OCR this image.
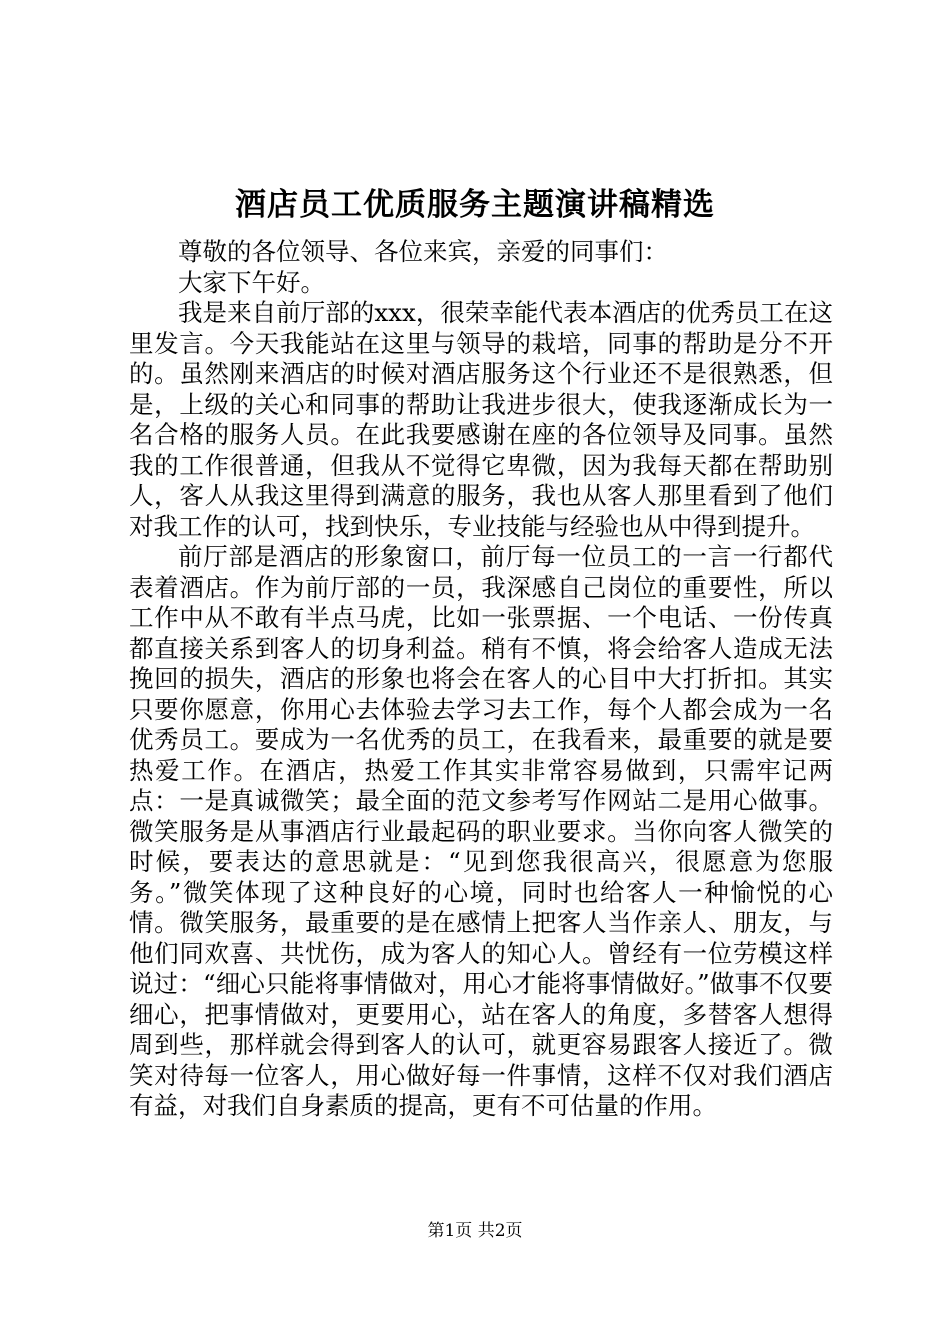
酒店员工优质服务主题演讲稿精选

尊敬的各位领导、各位来宾，亲爱的同事们：

大家下午好。

我是来自前厅部的xxx，很荣幸能代表本酒店的优秀员工在这里发言。今天我能站在这里与领导的栽培，同事的帮助是分不开的。虽然刚来酒店的时候对酒店服务这个行业还不是很熟悉，但是，上级的关心和同事的帮助让我进步很大，使我逐渐成长为一名合格的服务人员。在此我要感谢在座的各位领导及同事。虽然我的工作很普通，但我从不觉得它卑微，因为我每天都在帮助别人，客人从我这里得到满意的服务，我也从客人那里看到了他们对我工作的认可，找到快乐，专业技能与经验也从中得到提升。

前厅部是酒店的形象窗口，前厅每一位员工的一言一行都代表着酒店。作为前厅部的一员，我深感自己岗位的重要性，所以工作中从不敢有半点马虎，比如一张票据、一个电话、一份传真都直接关系到客人的切身利益。稍有不慎，将会给客人造成无法挽回的损失，酒店的形象也将会在客人的心目中大打折扣。其实只要你愿意，你用心去体验去学习去工作，每个人都会成为一名优秀员工。要成为一名优秀的员工，在我看来，最重要的就是要热爱工作。在酒店，热爱工作其实非常容易做到，只需牢记两点：一是真诚微笑；最全面的范文参考写作网站二是用心做事。微笑服务是从事酒店行业最起码的职业要求。当你向客人微笑的时候，要表达的意思就是：“见到您我很高兴，很愿意为您服务。”微笑体现了这种良好的心境，同时也给客人一种愉悦的心情。微笑服务，最重要的是在感情上把客人当作亲人、朋友，与他们同欢喜、共忧伤，成为客人的知心人。曾经有一位劳模这样说过：“细心只能将事情做对，用心才能将事情做好。”做事不仅要细心，把事情做对，更要用心，站在客人的角度，多替客人想得周到些，那样就会得到客人的认可，就更容易跟客人接近了。微笑对待每一位客人，用心做好每一件事情，这样不仅对我们酒店有益，对我们自身素质的提高，更有不可估量的作用。

第1页 共2页
